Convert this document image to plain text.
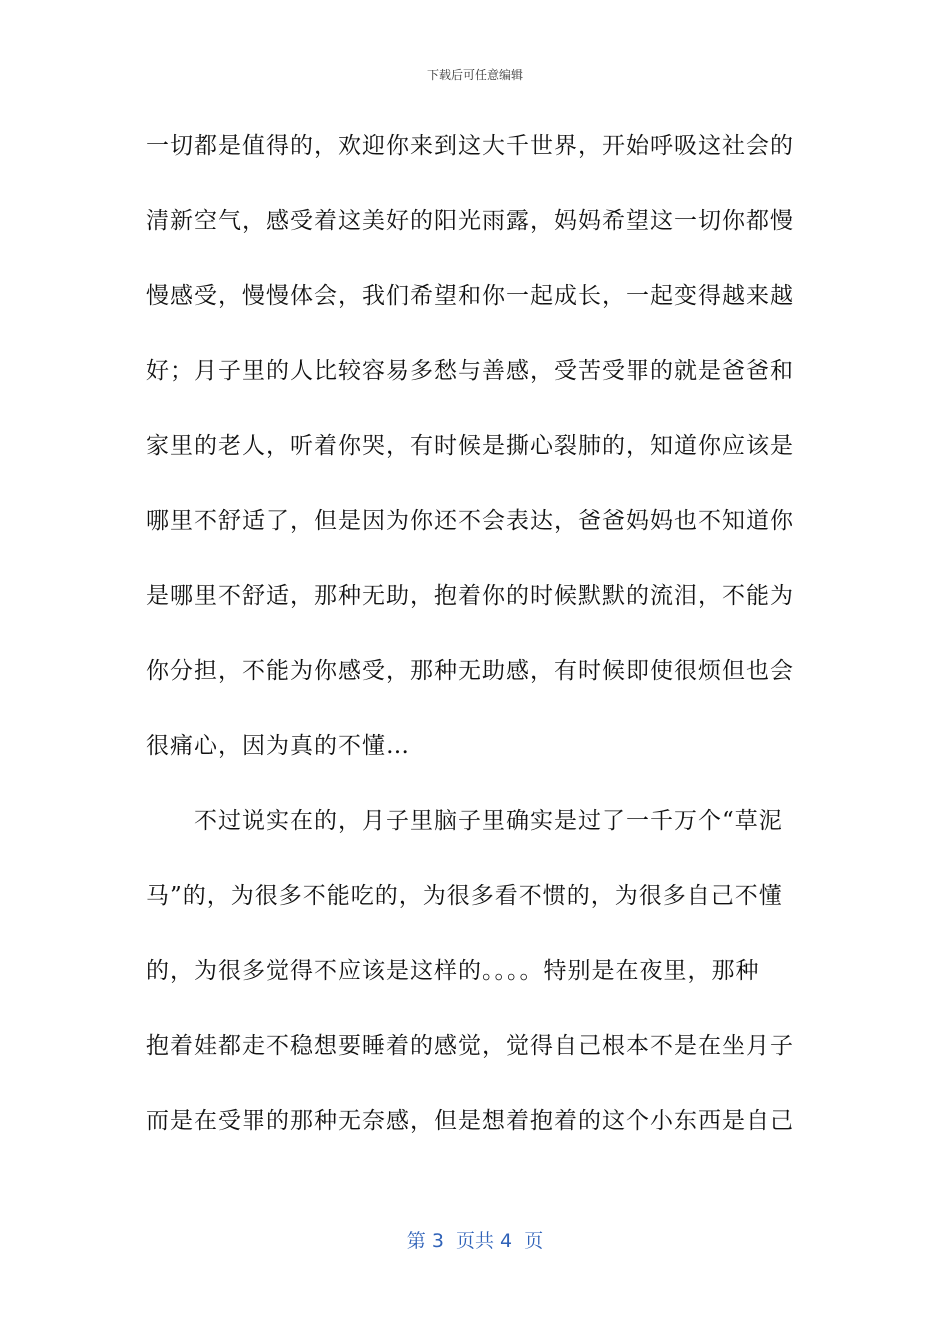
下载后可任意编辑
一切都是值得的，欢迎你来到这大千世界，开始呼吸这社会的
清新空气，感受着这美好的阳光雨露，妈妈希望这一切你都慢
慢感受，慢慢体会，我们希望和你一起成长，一起变得越来越
好；月子里的人比较容易多愁与善感，受苦受罪的就是爸爸和
家里的老人，听着你哭，有时候是撕心裂肺的，知道你应该是
哪里不舒适了，但是因为你还不会表达，爸爸妈妈也不知道你
是哪里不舒适，那种无助，抱着你的时候默默的流泪，不能为
你分担，不能为你感受，那种无助感，有时候即使很烦但也会
很痛心，因为真的不懂…
不过说实在的，月子里脑子里确实是过了一千万个“草泥
马”的，为很多不能吃的，为很多看不惯的，为很多自己不懂
的，为很多觉得不应该是这样的。。。。特别是在夜里，那种
抱着娃都走不稳想要睡着的感觉，觉得自己根本不是在坐月子
而是在受罪的那种无奈感，但是想着抱着的这个小东西是自己
第 3  页共 4  页
